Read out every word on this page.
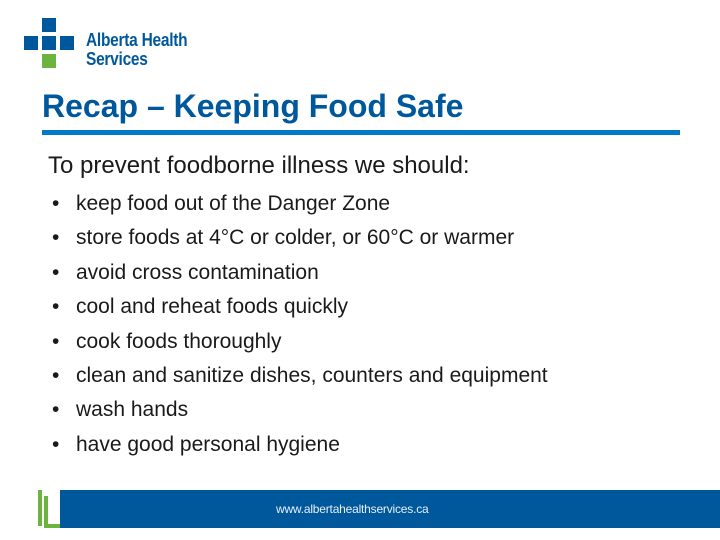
Alberta Health
Services
Recap – Keeping Food Safe

To prevent foodborne illness we should:

• keep food out of the Danger Zone
• store foods at 4°C or colder, or 60°C or warmer
• avoid cross contamination
• cool and reheat foods quickly
• cook foods thoroughly
• clean and sanitize dishes, counters and equipment
• wash hands
• have good personal hygiene
www.albertahealthservices.ca
66
